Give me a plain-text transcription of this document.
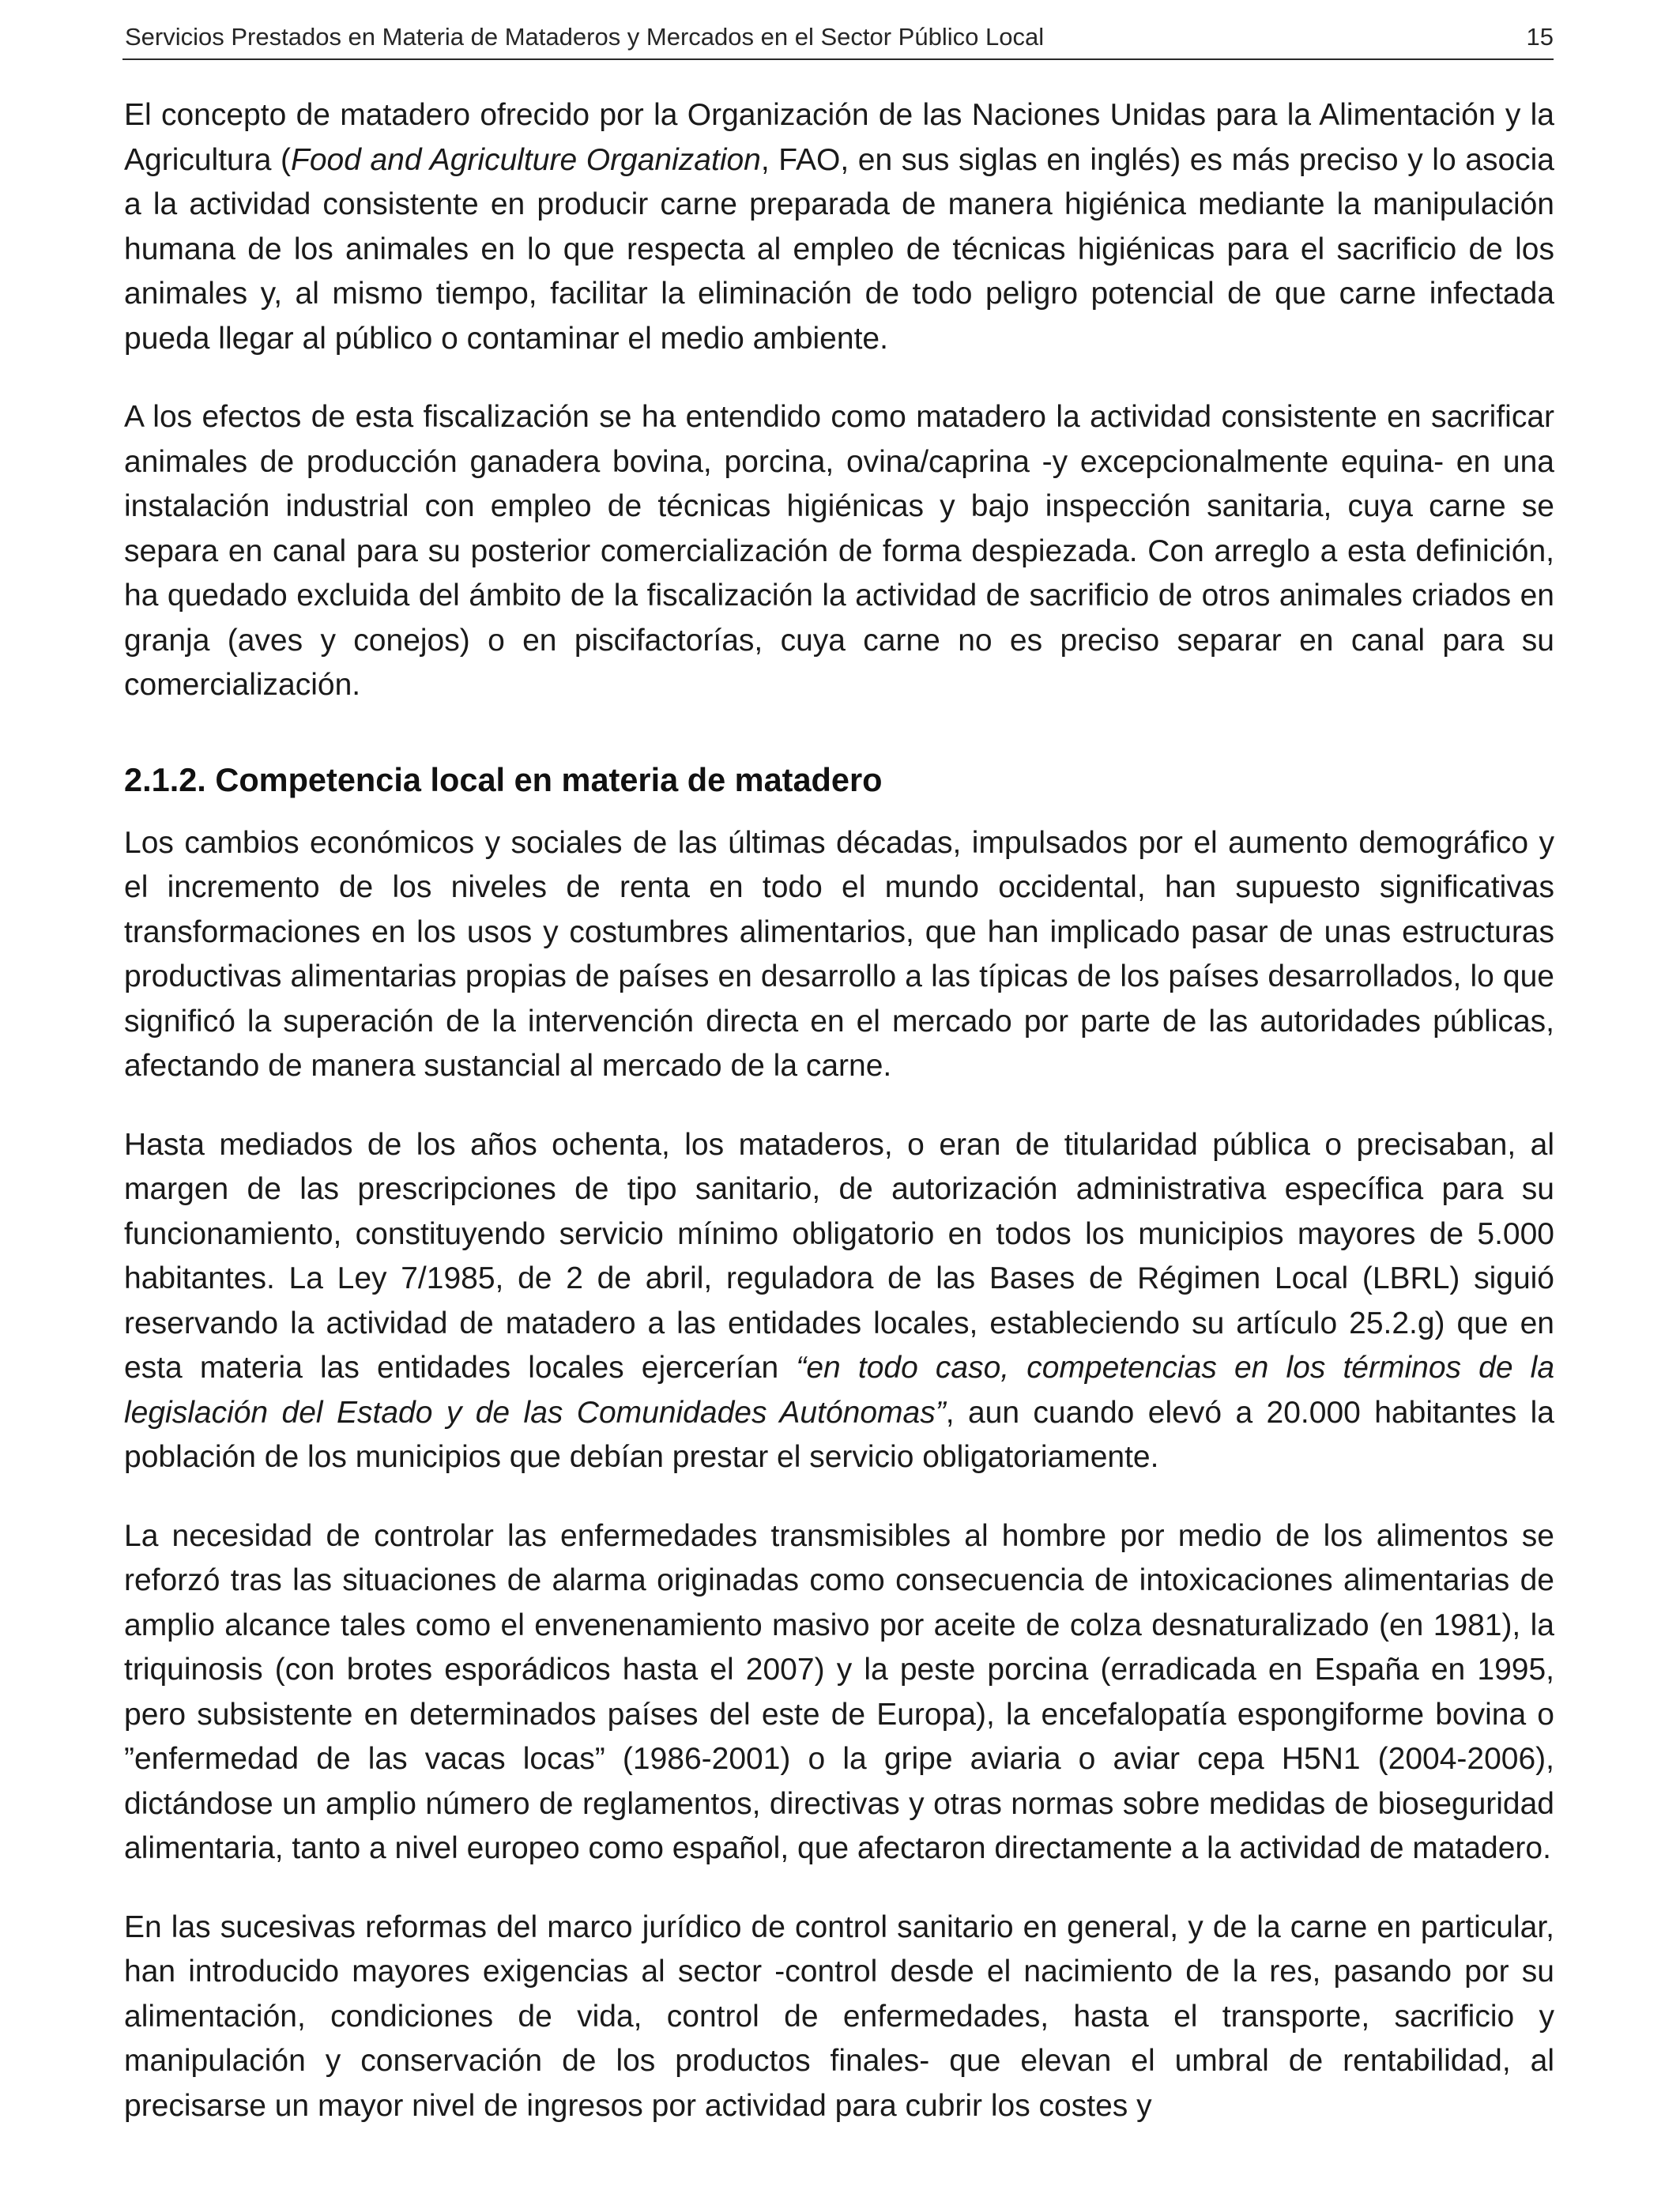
Servicios Prestados en Materia de Mataderos y Mercados en el Sector Público Local	15

El concepto de matadero ofrecido por la Organización de las Naciones Unidas para la Alimentación y la Agricultura (Food and Agriculture Organization, FAO, en sus siglas en inglés) es más preciso y lo asocia a la actividad consistente en producir carne preparada de manera higiénica mediante la manipulación humana de los animales en lo que respecta al empleo de técnicas higiénicas para el sacrificio de los animales y, al mismo tiempo, facilitar la eliminación de todo peligro potencial de que carne infectada pueda llegar al público o contaminar el medio ambiente.

A los efectos de esta fiscalización se ha entendido como matadero la actividad consistente en sacrificar animales de producción ganadera bovina, porcina, ovina/caprina -y excepcionalmente equina- en una instalación industrial con empleo de técnicas higiénicas y bajo inspección sanitaria, cuya carne se separa en canal para su posterior comercialización de forma despiezada. Con arreglo a esta definición, ha quedado excluida del ámbito de la fiscalización la actividad de sacrificio de otros animales criados en granja (aves y conejos) o en piscifactorías, cuya carne no es preciso separar en canal para su comercialización.

2.1.2. Competencia local en materia de matadero

Los cambios económicos y sociales de las últimas décadas, impulsados por el aumento demográfico y el incremento de los niveles de renta en todo el mundo occidental, han supuesto significativas transformaciones en los usos y costumbres alimentarios, que han implicado pasar de unas estructuras productivas alimentarias propias de países en desarrollo a las típicas de los países desarrollados, lo que significó la superación de la intervención directa en el mercado por parte de las autoridades públicas, afectando de manera sustancial al mercado de la carne.

Hasta mediados de los años ochenta, los mataderos, o eran de titularidad pública o precisaban, al margen de las prescripciones de tipo sanitario, de autorización administrativa específica para su funcionamiento, constituyendo servicio mínimo obligatorio en todos los municipios mayores de 5.000 habitantes. La Ley 7/1985, de 2 de abril, reguladora de las Bases de Régimen Local (LBRL) siguió reservando la actividad de matadero a las entidades locales, estableciendo su artículo 25.2.g) que en esta materia las entidades locales ejercerían “en todo caso, competencias en los términos de la legislación del Estado y de las Comunidades Autónomas”, aun cuando elevó a 20.000 habitantes la población de los municipios que debían prestar el servicio obligatoriamente.

La necesidad de controlar las enfermedades transmisibles al hombre por medio de los alimentos se reforzó tras las situaciones de alarma originadas como consecuencia de intoxicaciones alimentarias de amplio alcance tales como el envenenamiento masivo por aceite de colza desnaturalizado (en 1981), la triquinosis (con brotes esporádicos hasta el 2007) y la peste porcina (erradicada en España en 1995, pero subsistente en determinados países del este de Europa), la encefalopatía espongiforme bovina o ”enfermedad de las vacas locas” (1986-2001) o la gripe aviaria o aviar cepa H5N1 (2004-2006), dictándose un amplio número de reglamentos, directivas y otras normas sobre medidas de bioseguridad alimentaria, tanto a nivel europeo como español, que afectaron directamente a la actividad de matadero.

En las sucesivas reformas del marco jurídico de control sanitario en general, y de la carne en particular, han introducido mayores exigencias al sector -control desde el nacimiento de la res, pasando por su alimentación, condiciones de vida, control de enfermedades, hasta el transporte, sacrificio y manipulación y conservación de los productos finales- que elevan el umbral de rentabilidad, al precisarse un mayor nivel de ingresos por actividad para cubrir los costes y
